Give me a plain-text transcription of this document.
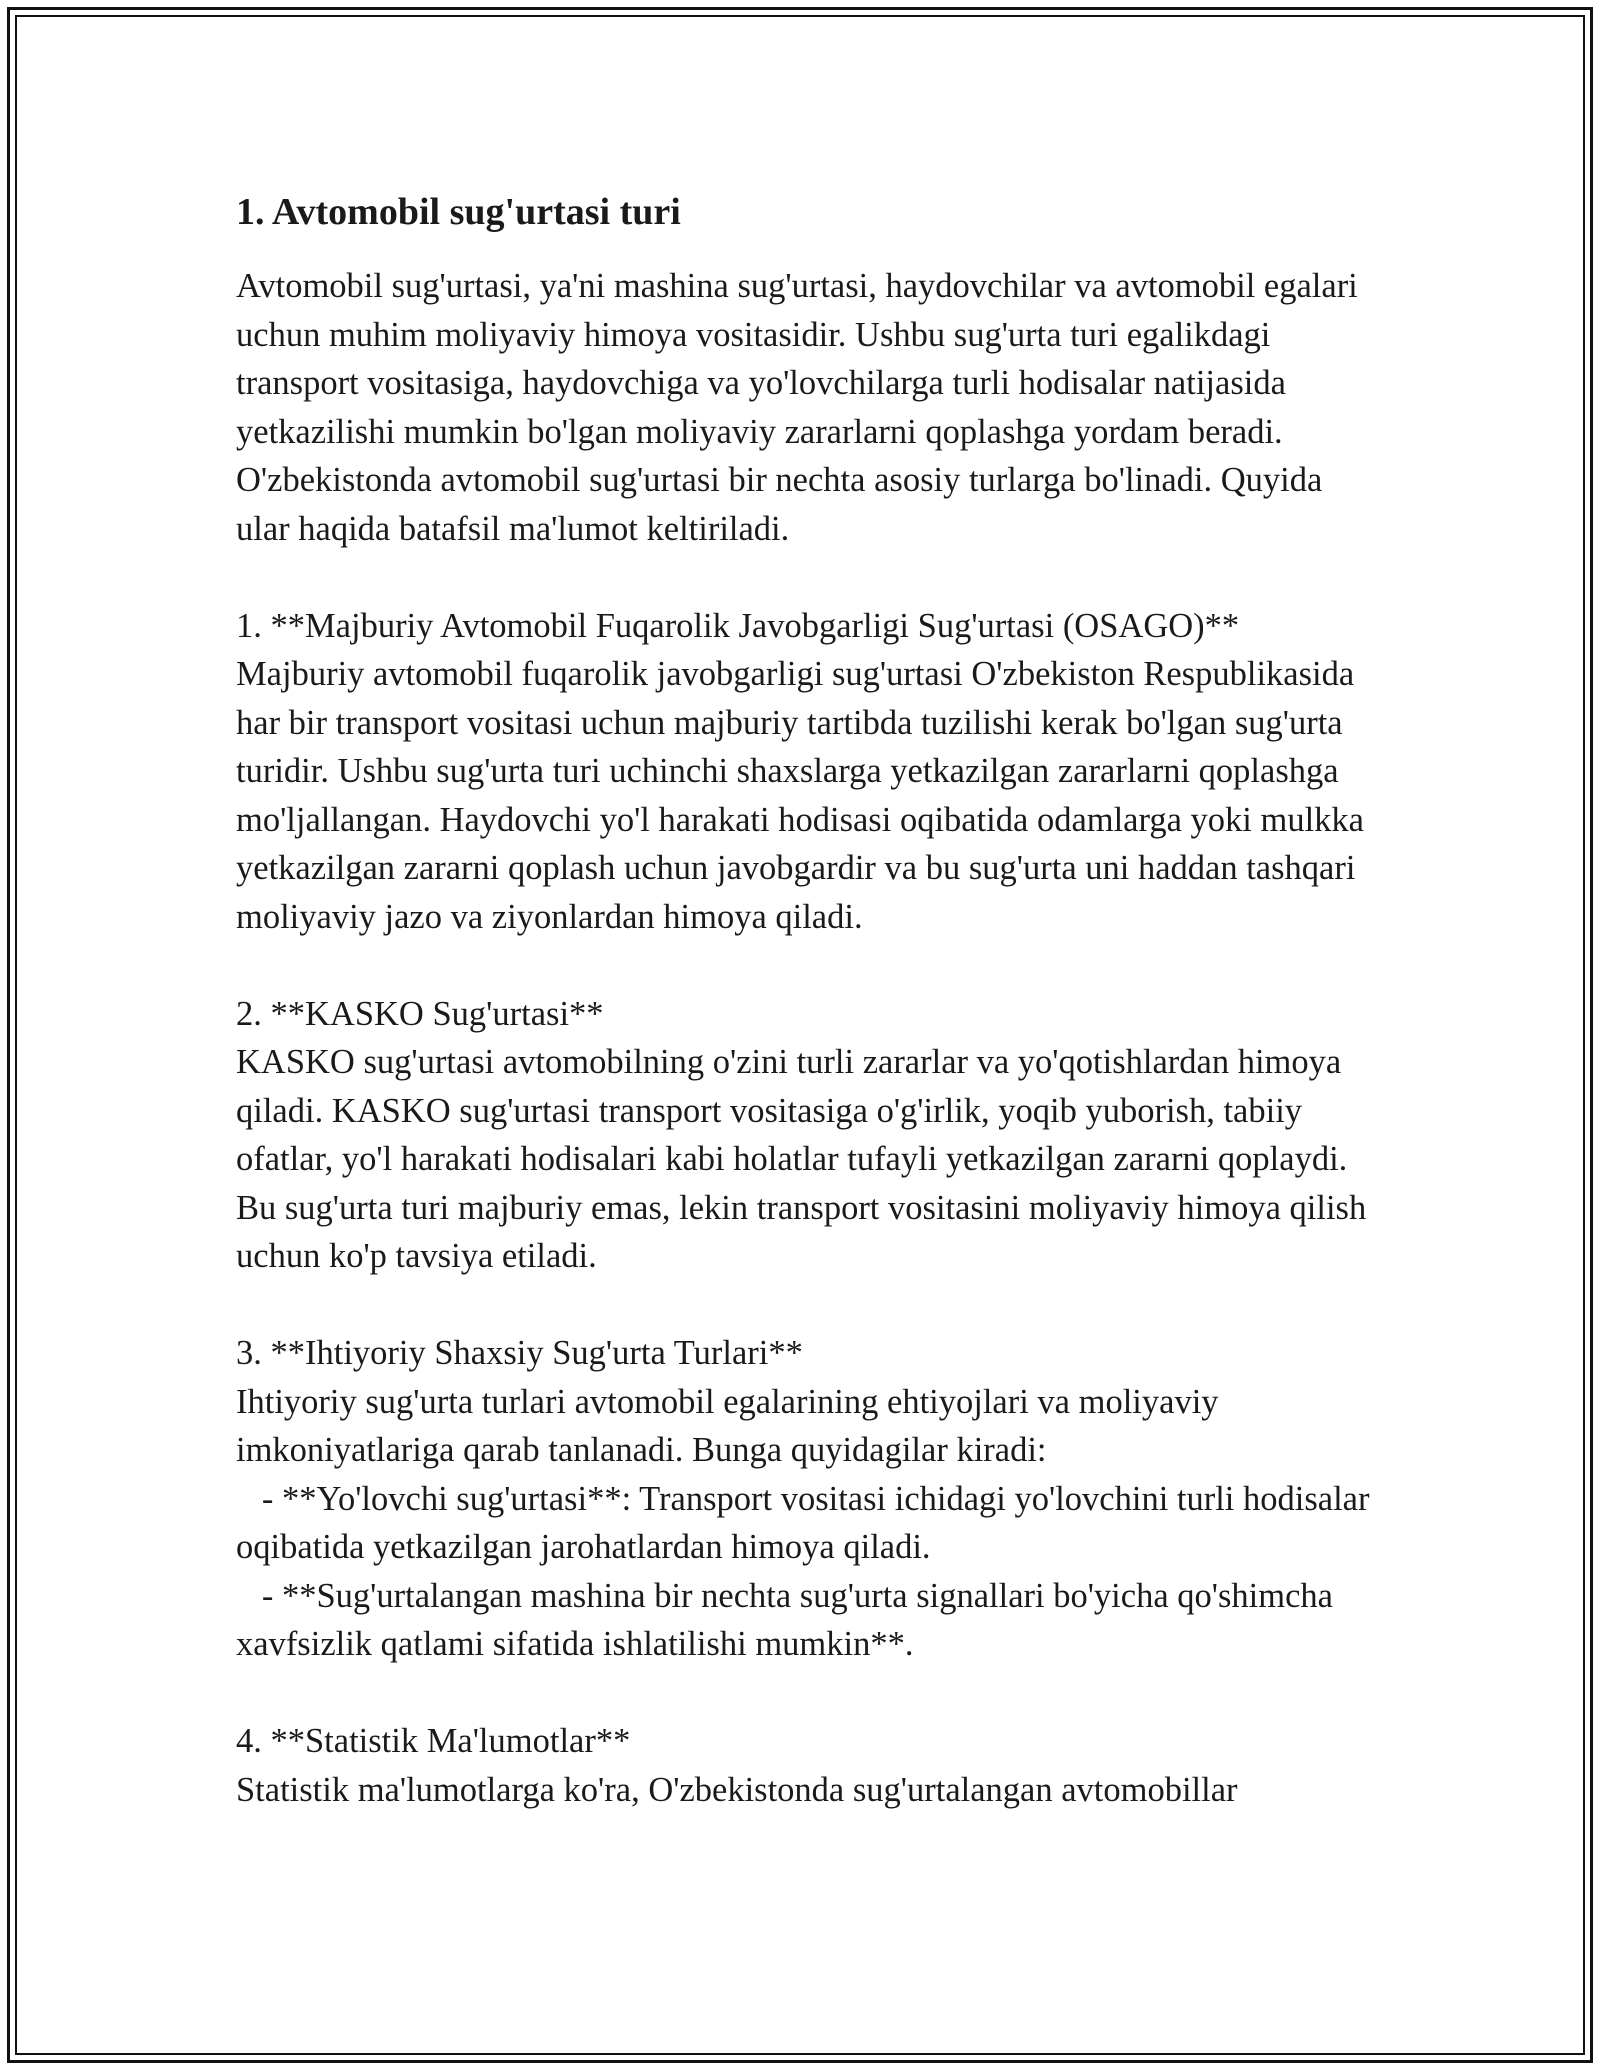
1. Avtomobil sug'urtasi turi

Avtomobil sug'urtasi, ya'ni mashina sug'urtasi, haydovchilar va avtomobil egalari uchun muhim moliyaviy himoya vositasidir. Ushbu sug'urta turi egalikdagi transport vositasiga, haydovchiga va yo'lovchilarga turli hodisalar natijasida yetkazilishi mumkin bo'lgan moliyaviy zararlarni qoplashga yordam beradi. O'zbekistonda avtomobil sug'urtasi bir nechta asosiy turlarga bo'linadi. Quyida ular haqida batafsil ma'lumot keltiriladi.

1. **Majburiy Avtomobil Fuqarolik Javobgarligi Sug'urtasi (OSAGO)**
Majburiy avtomobil fuqarolik javobgarligi sug'urtasi O'zbekiston Respublikasida har bir transport vositasi uchun majburiy tartibda tuzilishi kerak bo'lgan sug'urta turidir. Ushbu sug'urta turi uchinchi shaxslarga yetkazilgan zararlarni qoplashga mo'ljallangan. Haydovchi yo'l harakati hodisasi oqibatida odamlarga yoki mulkka yetkazilgan zararni qoplash uchun javobgardir va bu sug'urta uni haddan tashqari moliyaviy jazo va ziyonlardan himoya qiladi.

2. **KASKO Sug'urtasi**
KASKO sug'urtasi avtomobilning o'zini turli zararlar va yo'qotishlardan himoya qiladi. KASKO sug'urtasi transport vositasiga o'g'irlik, yoqib yuborish, tabiiy ofatlar, yo'l harakati hodisalari kabi holatlar tufayli yetkazilgan zararni qoplaydi. Bu sug'urta turi majburiy emas, lekin transport vositasini moliyaviy himoya qilish uchun ko'p tavsiya etiladi.

3. **Ihtiyoriy Shaxsiy Sug'urta Turlari**
Ihtiyoriy sug'urta turlari avtomobil egalarining ehtiyojlari va moliyaviy imkoniyatlariga qarab tanlanadi. Bunga quyidagilar kiradi:
- **Yo'lovchi sug'urtasi**: Transport vositasi ichidagi yo'lovchini turli hodisalar oqibatida yetkazilgan jarohatlardan himoya qiladi.
- **Sug'urtalangan mashina bir nechta sug'urta signallari bo'yicha qo'shimcha xavfsizlik qatlami sifatida ishlatilishi mumkin**.

4. **Statistik Ma'lumotlar**
Statistik ma'lumotlarga ko'ra, O'zbekistonda sug'urtalangan avtomobillar
